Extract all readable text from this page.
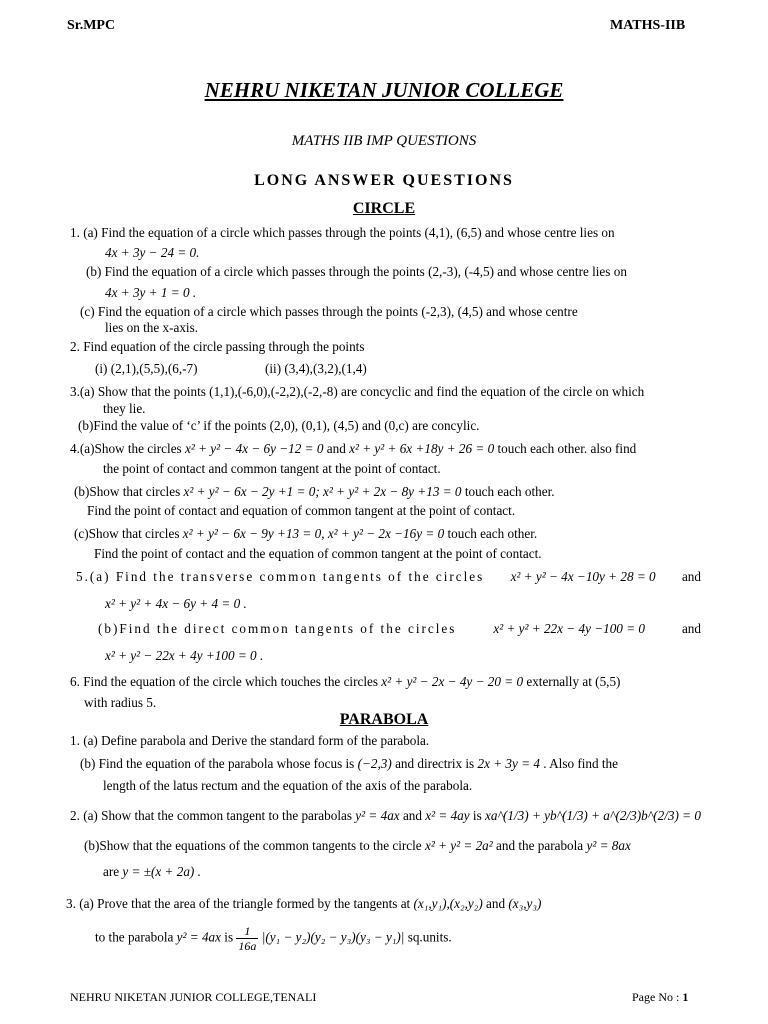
Sr.MPC	MATHS-IIB
NEHRU NIKETAN JUNIOR COLLEGE
MATHS IIB IMP QUESTIONS
LONG ANSWER QUESTIONS
CIRCLE
1. (a) Find the equation of a circle which passes through the points (4,1), (6,5) and whose centre lies on
4x + 3y − 24 = 0.
(b) Find the equation of a circle which passes through the points (2,-3), (-4,5) and whose centre lies on
4x + 3y + 1 = 0 .
(c) Find the equation of a circle which passes through the points (-2,3), (4,5) and whose centre
lies on the x-axis.
2. Find equation of the circle passing through the points
(i) (2,1),(5,5),(6,-7)	(ii) (3,4),(3,2),(1,4)
3.(a) Show that the points (1,1),(-6,0),(-2,2),(-2,-8) are concyclic and find the equation of the circle on which
they lie.
(b)Find the value of ‘c’ if the points (2,0), (0,1), (4,5) and (0,c) are concylic.
4.(a)Show the circles x² + y² − 4x − 6y −12 = 0 and x² + y² + 6x +18y + 26 = 0 touch each other. also find
the point of contact and common tangent at the point of contact.
(b)Show that circles x² + y² − 6x − 2y +1 = 0; x² + y² + 2x − 8y +13 = 0 touch each other.
Find the point of contact and equation of common tangent at the point of contact.
(c)Show that circles x² + y² − 6x − 9y +13 = 0, x² + y² − 2x −16y = 0 touch each other.
Find the point of contact and the equation of common tangent at the point of contact.
5.(a) Find the transverse common tangents of the circles x² + y² − 4x −10y + 28 = 0 and
x² + y² + 4x − 6y + 4 = 0 .
(b)Find the direct common tangents of the circles	x² + y² + 22x − 4y −100 = 0	and
x² + y² − 22x + 4y +100 = 0 .
6. Find the equation of the circle which touches the circles x² + y² − 2x − 4y − 20 = 0 externally at (5,5)
with radius 5.
PARABOLA
1. (a) Define parabola and Derive the standard form of the parabola.
(b) Find the equation of the parabola whose focus is (−2,3) and directrix is 2x + 3y = 4 . Also find the
length of the latus rectum and the equation of the axis of the parabola.
2. (a) Show that the common tangent to the parabolas y² = 4ax and x² = 4ay is xa^(1/3) + yb^(1/3) + a^(2/3)b^(2/3) = 0
(b)Show that the equations of the common tangents to the circle x² + y² = 2a² and the parabola y² = 8ax
are y = ±(x + 2a) .
3. (a) Prove that the area of the triangle formed by the tangents at (x₁,y₁),(x₂,y₂) and (x₃,y₃)
to the parabola y² = 4ax is $\frac{1}{16a} |(y_1 - y_2)(y_2 - y_3)(y_3 - y_1)|$ sq.units.
NEHRU NIKETAN JUNIOR COLLEGE,TENALI	Page No : 1
